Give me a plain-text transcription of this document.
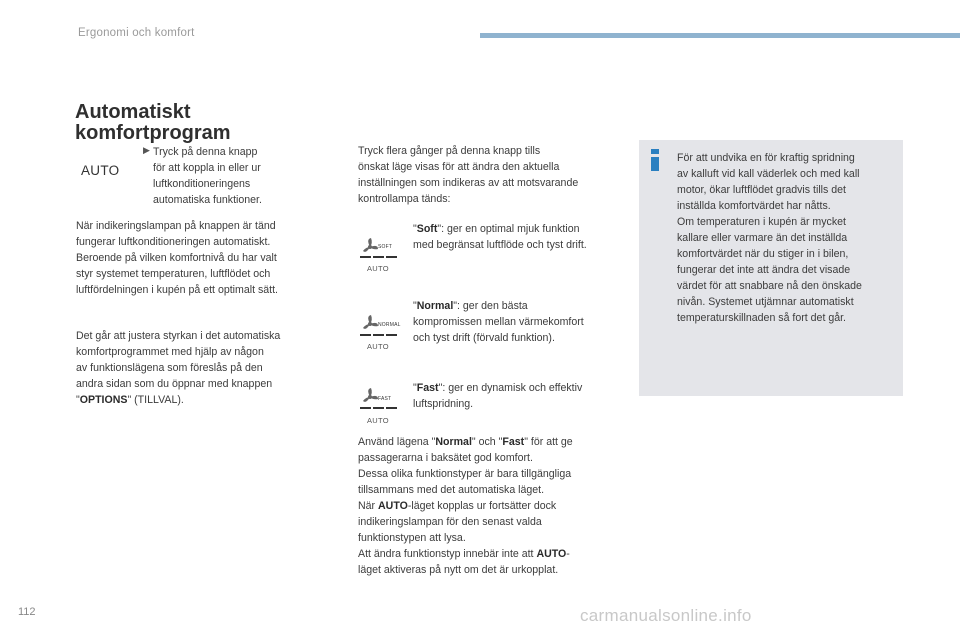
Ergonomi och komfort
Automatiskt
komfortprogram
AUTO
▶ Tryck på denna knapp
för att koppla in eller ur
luftkonditioneringens
automatiska funktioner.
När indikeringslampan på knappen är tänd
fungerar luftkonditioneringen automatiskt.
Beroende på vilken komfortnivå du har valt
styr systemet temperaturen, luftflödet och
luftfördelningen i kupén på ett optimalt sätt.
Det går att justera styrkan i det automatiska
komfortprogrammet med hjälp av någon
av funktionslägena som föreslås på den
andra sidan som du öppnar med knappen
"OPTIONS" (TILLVAL).
Tryck flera gånger på denna knapp tills
önskat läge visas för att ändra den aktuella
inställningen som indikeras av att motsvarande
kontrollampa tänds:
SOFT
AUTO
NORMAL
AUTO
FAST
AUTO
"Soft": ger en optimal mjuk funktion
med begränsat luftflöde och tyst drift.
"Normal": ger den bästa
kompromissen mellan värmekomfort
och tyst drift (förvald funktion).
"Fast": ger en dynamisk och effektiv
luftspridning.
Använd lägena "Normal" och "Fast" för att ge
passagerarna i baksätet god komfort.
Dessa olika funktionstyper är bara tillgängliga
tillsammans med det automatiska läget.
När AUTO-läget kopplas ur fortsätter dock
indikeringslampan för den senast valda
funktionstypen att lysa.
Att ändra funktionstyp innebär inte att AUTO-
läget aktiveras på nytt om det är urkopplat.
För att undvika en för kraftig spridning
av kalluft vid kall väderlek och med kall
motor, ökar luftflödet gradvis tills det
inställda komfortvärdet har nåtts.
Om temperaturen i kupén är mycket
kallare eller varmare än det inställda
komfortvärdet när du stiger in i bilen,
fungerar det inte att ändra det visade
värdet för att snabbare nå den önskade
nivån. Systemet utjämnar automatiskt
temperaturskillnaden så fort det går.
112	carmanualsonline.info
